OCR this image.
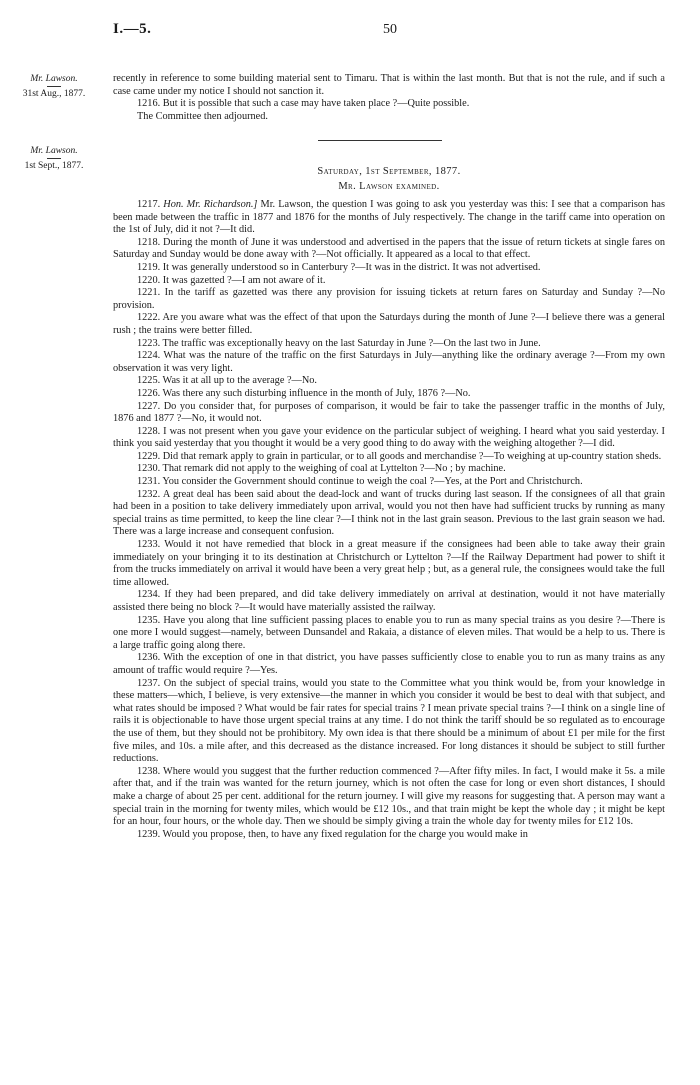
I.—5.	50
Mr. Lawson.
31st Aug., 1877.
Mr. Lawson.
1st Sept., 1877.

recently in reference to some building material sent to Timaru. That is within the last month. But that is not the rule, and if such a case came under my notice I should not sanction it.

1216. But it is possible that such a case may have taken place ?—Quite possible.

The Committee then adjourned.

Saturday, 1st September, 1877.
Mr. Lawson examined.

1217. Hon. Mr. Richardson.] Mr. Lawson, the question I was going to ask you yesterday was this: I see that a comparison has been made between the traffic in 1877 and 1876 for the months of July respectively. The change in the tariff came into operation on the 1st of July, did it not ?—It did.

1218. During the month of June it was understood and advertised in the papers that the issue of return tickets at single fares on Saturday and Sunday would be done away with ?—Not officially. It appeared as a local to that effect.

1219. It was generally understood so in Canterbury ?—It was in the district. It was not advertised.

1220. It was gazetted ?—I am not aware of it.

1221. In the tariff as gazetted was there any provision for issuing tickets at return fares on Saturday and Sunday ?—No provision.

1222. Are you aware what was the effect of that upon the Saturdays during the month of June ?—I believe there was a general rush ; the trains were better filled.

1223. The traffic was exceptionally heavy on the last Saturday in June ?—On the last two in June.

1224. What was the nature of the traffic on the first Saturdays in July—anything like the ordinary average ?—From my own observation it was very light.

1225. Was it at all up to the average ?—No.

1226. Was there any such disturbing influence in the month of July, 1876 ?—No.

1227. Do you consider that, for purposes of comparison, it would be fair to take the passenger traffic in the months of July, 1876 and 1877 ?—No, it would not.

1228. I was not present when you gave your evidence on the particular subject of weighing. I heard what you said yesterday. I think you said yesterday that you thought it would be a very good thing to do away with the weighing altogether ?—I did.

1229. Did that remark apply to grain in particular, or to all goods and merchandise ?—To weighing at up-country station sheds.

1230. That remark did not apply to the weighing of coal at Lyttelton ?—No ; by machine.

1231. You consider the Government should continue to weigh the coal ?—Yes, at the Port and Christchurch.

1232. A great deal has been said about the dead-lock and want of trucks during last season. If the consignees of all that grain had been in a position to take delivery immediately upon arrival, would you not then have had sufficient trucks by running as many special trains as time permitted, to keep the line clear ?—I think not in the last grain season. Previous to the last grain season we had. There was a large increase and consequent confusion.

1233. Would it not have remedied that block in a great measure if the consignees had been able to take away their grain immediately on your bringing it to its destination at Christchurch or Lyttelton ?—If the Railway Department had power to shift it from the trucks immediately on arrival it would have been a very great help ; but, as a general rule, the consignees would take the full time allowed.

1234. If they had been prepared, and did take delivery immediately on arrival at destination, would it not have materially assisted there being no block ?—It would have materially assisted the railway.

1235. Have you along that line sufficient passing places to enable you to run as many special trains as you desire ?—There is one more I would suggest—namely, between Dunsandel and Rakaia, a distance of eleven miles. That would be a help to us. There is a large traffic going along there.

1236. With the exception of one in that district, you have passes sufficiently close to enable you to run as many trains as any amount of traffic would require ?—Yes.

1237. On the subject of special trains, would you state to the Committee what you think would be, from your knowledge in these matters—which, I believe, is very extensive—the manner in which you consider it would be best to deal with that subject, and what rates should be imposed ? What would be fair rates for special trains ? I mean private special trains ?—I think on a single line of rails it is objectionable to have those urgent special trains at any time. I do not think the tariff should be so regulated as to encourage the use of them, but they should not be prohibitory. My own idea is that there should be a minimum of about £1 per mile for the first five miles, and 10s. a mile after, and this decreased as the distance increased. For long distances it should be subject to still further reductions.

1238. Where would you suggest that the further reduction commenced ?—After fifty miles. In fact, I would make it 5s. a mile after that, and if the train was wanted for the return journey, which is not often the case for long or even short distances, I should make a charge of about 25 per cent. additional for the return journey. I will give my reasons for suggesting that. A person may want a special train in the morning for twenty miles, which would be £12 10s., and that train might be kept the whole day ; it might be kept for an hour, four hours, or the whole day. Then we should be simply giving a train the whole day for twenty miles for £12 10s.

1239. Would you propose, then, to have any fixed regulation for the charge you would make in
